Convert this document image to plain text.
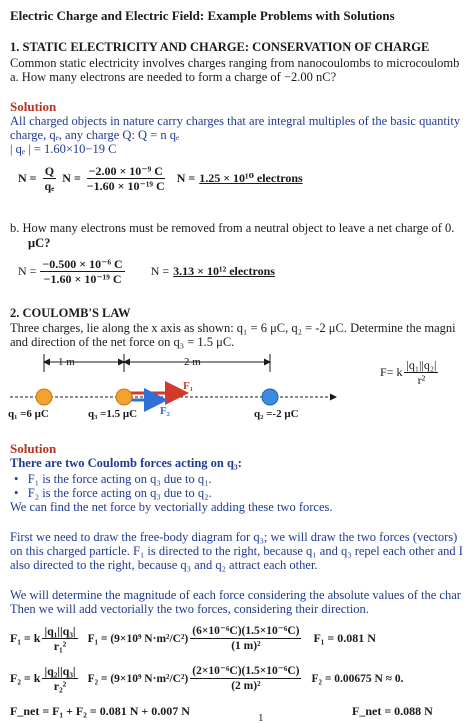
Electric Charge and Electric Field: Example Problems with Solutions
1. STATIC ELECTRICITY AND CHARGE: CONSERVATION OF CHARGE
Common static electricity involves charges ranging from nanocoulombs to microcoulomb
a. How many electrons are needed to form a charge of −2.00 nC?
Solution
All charged objects in nature carry charges that are integral multiples of the basic quantity
charge, qₑ, any charge Q: Q = n qₑ
| qₑ | = 1.60×10−19 C
$N = \frac{Q}{\text{qₑ}}$ $N = \frac{\text{−2.00 × 10⁻⁹ C}}{\text{−1.60 × 10⁻¹⁹ C}}$ N = 1.25 × 10¹⁰ electrons
b. How many electrons must be removed from a neutral object to leave a net charge of 0.
μC?
$N = \frac{\text{−0.500 × 10⁻⁶ C}}{\text{−1.60 × 10⁻¹⁹ C}}$ N = 3.13 × 10¹² electrons
2. COULOMB'S LAW
Three charges, lie along the x axis as shown: q₁ = 6 μC, q₂ = -2 μC. Determine the magni
and direction of the net force on q₃ = 1.5 μC.
1 m	2 m
F₁
F₂
q₁ =6 μC	q₃ =1.5 μC	q₂ =-2 μC
F= k $\frac{\text{|q₁||q₂|}}{\text{r²}}$
Solution
There are two Coulomb forces acting on q₃:
•   F₁ is the force acting on q₃ due to q₁.
•   F₂ is the force acting on q₃ due to q₂.
We can find the net force by vectorially adding these two forces.
First we need to draw the free-body diagram for q₃; we will draw the two forces (vectors)
on this charged particle. F₁ is directed to the right, because q₁ and q₃ repel each other and I
also directed to the right, because q₃ and q₂ attract each other.
We will determine the magnitude of each force considering the absolute values of the char
Then we will add vectorially the two forces, considering their direction.
F₁ = k $\frac{\text{|q₁||q₃|}}{\text{r₁²}} F_1 = (9\times 10^9$ $N\cdot m^2/C^2) \frac{\text{(6×10⁻⁶C)(1.5×10⁻⁶C)}}{\text{(1 m)²}} F_1 = 0.081$ N
F₂ = k $\frac{\text{|q₂||q₃|}}{\text{r₂²}} F_2 = (9\times 10^9$ $N\cdot m^2/C^2) \frac{\text{(2×10⁻⁶C)(1.5×10⁻⁶C)}}{\text{(2 m)²}} F_2 = 0.00675$ N ≈ 0.
F_net = F₁ + F₂ = 0.081 N + 0.007 N	1	F_net = 0.088 N
